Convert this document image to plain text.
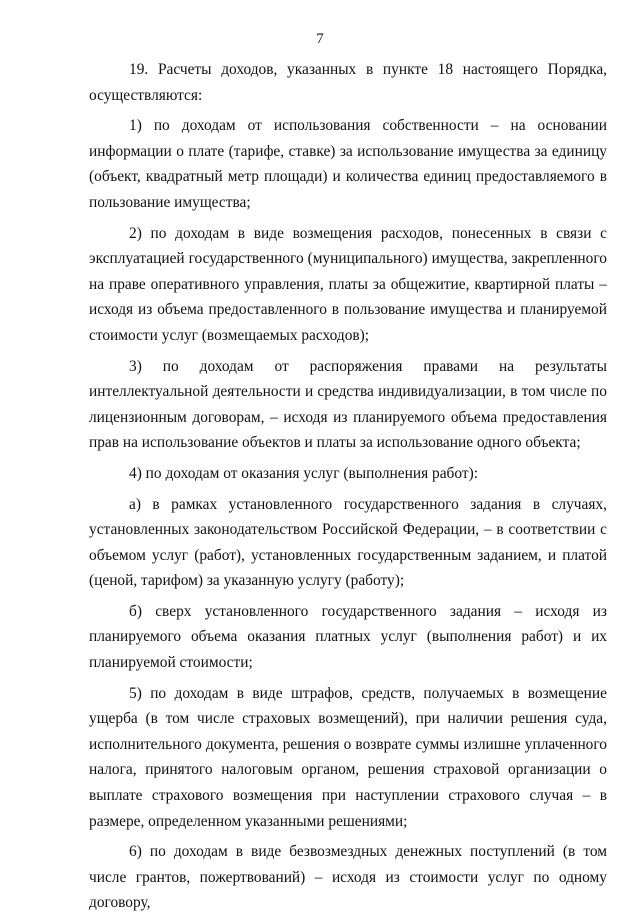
7

19. Расчеты доходов, указанных в пункте 18 настоящего Порядка, осуществляются:

1) по доходам от использования собственности – на основании информации о плате (тарифе, ставке) за использование имущества за единицу (объект, квадратный метр площади) и количества единиц предоставляемого в пользование имущества;

2) по доходам в виде возмещения расходов, понесенных в связи с эксплуатацией государственного (муниципального) имущества, закрепленного на праве оперативного управления, платы за общежитие, квартирной платы – исходя из объема предоставленного в пользование имущества и планируемой стоимости услуг (возмещаемых расходов);

3) по доходам от распоряжения правами на результаты интеллектуальной деятельности и средства индивидуализации, в том числе по лицензионным договорам, – исходя из планируемого объема предоставления прав на использование объектов и платы за использование одного объекта;

4) по доходам от оказания услуг (выполнения работ):

а) в рамках установленного государственного задания в случаях, установленных законодательством Российской Федерации, – в соответствии с объемом услуг (работ), установленных государственным заданием, и платой (ценой, тарифом) за указанную услугу (работу);

б) сверх установленного государственного задания – исходя из планируемого объема оказания платных услуг (выполнения работ) и их планируемой стоимости;

5) по доходам в виде штрафов, средств, получаемых в возмещение ущерба (в том числе страховых возмещений), при наличии решения суда, исполнительного документа, решения о возврате суммы излишне уплаченного налога, принятого налоговым органом, решения страховой организации о выплате страхового возмещения при наступлении страхового случая – в размере, определенном указанными решениями;

6) по доходам в виде безвозмездных денежных поступлений (в том числе грантов, пожертвований) – исходя из стоимости услуг по одному договору,
